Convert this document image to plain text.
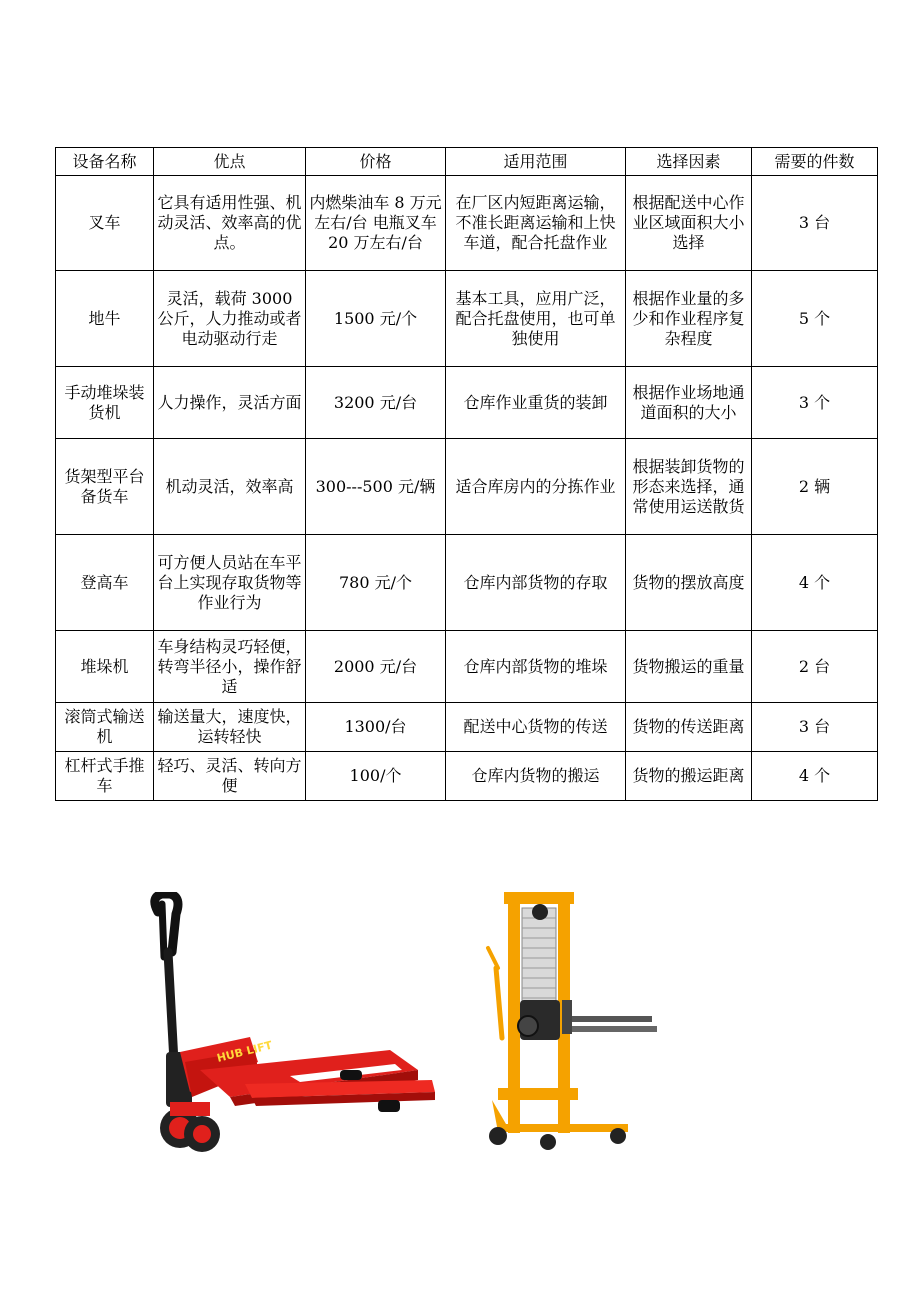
设备名称	优点	价格	适用范围	选择因素	需要的件数
叉车	它具有适用性强、机动灵活、效率高的优点。	内燃柴油车 8 万元左右/台 电瓶叉车 20 万左右/台	在厂区内短距离运输，不准长距离运输和上快车道，配合托盘作业	根据配送中心作业区域面积大小选择	3 台
地牛	灵活，载荷 3000 公斤，人力推动或者电动驱动行走	1500 元/个	基本工具，应用广泛，配合托盘使用，也可单独使用	根据作业量的多少和作业程序复杂程度	5 个
手动堆垛装货机	人力操作，灵活方面	3200 元/台	仓库作业重货的装卸	根据作业场地通道面积的大小	3 个
货架型平台备货车	机动灵活，效率高	300---500 元/辆	适合库房内的分拣作业	根据装卸货物的形态来选择，通常使用运送散货	2 辆
登高车	可方便人员站在车平台上实现存取货物等作业行为	780 元/个	仓库内部货物的存取	货物的摆放高度	4 个
堆垛机	车身结构灵巧轻便，转弯半径小，操作舒适	2000 元/台	仓库内部货物的堆垛	货物搬运的重量	2 台
滚筒式输送机	输送量大，速度快，运转轻快	1300/台	配送中心货物的传送	货物的传送距离	3 台
杠杆式手推车	轻巧、灵活、转向方便	100/个	仓库内货物的搬运	货物的搬运距离	4 个
HUB LIFT
